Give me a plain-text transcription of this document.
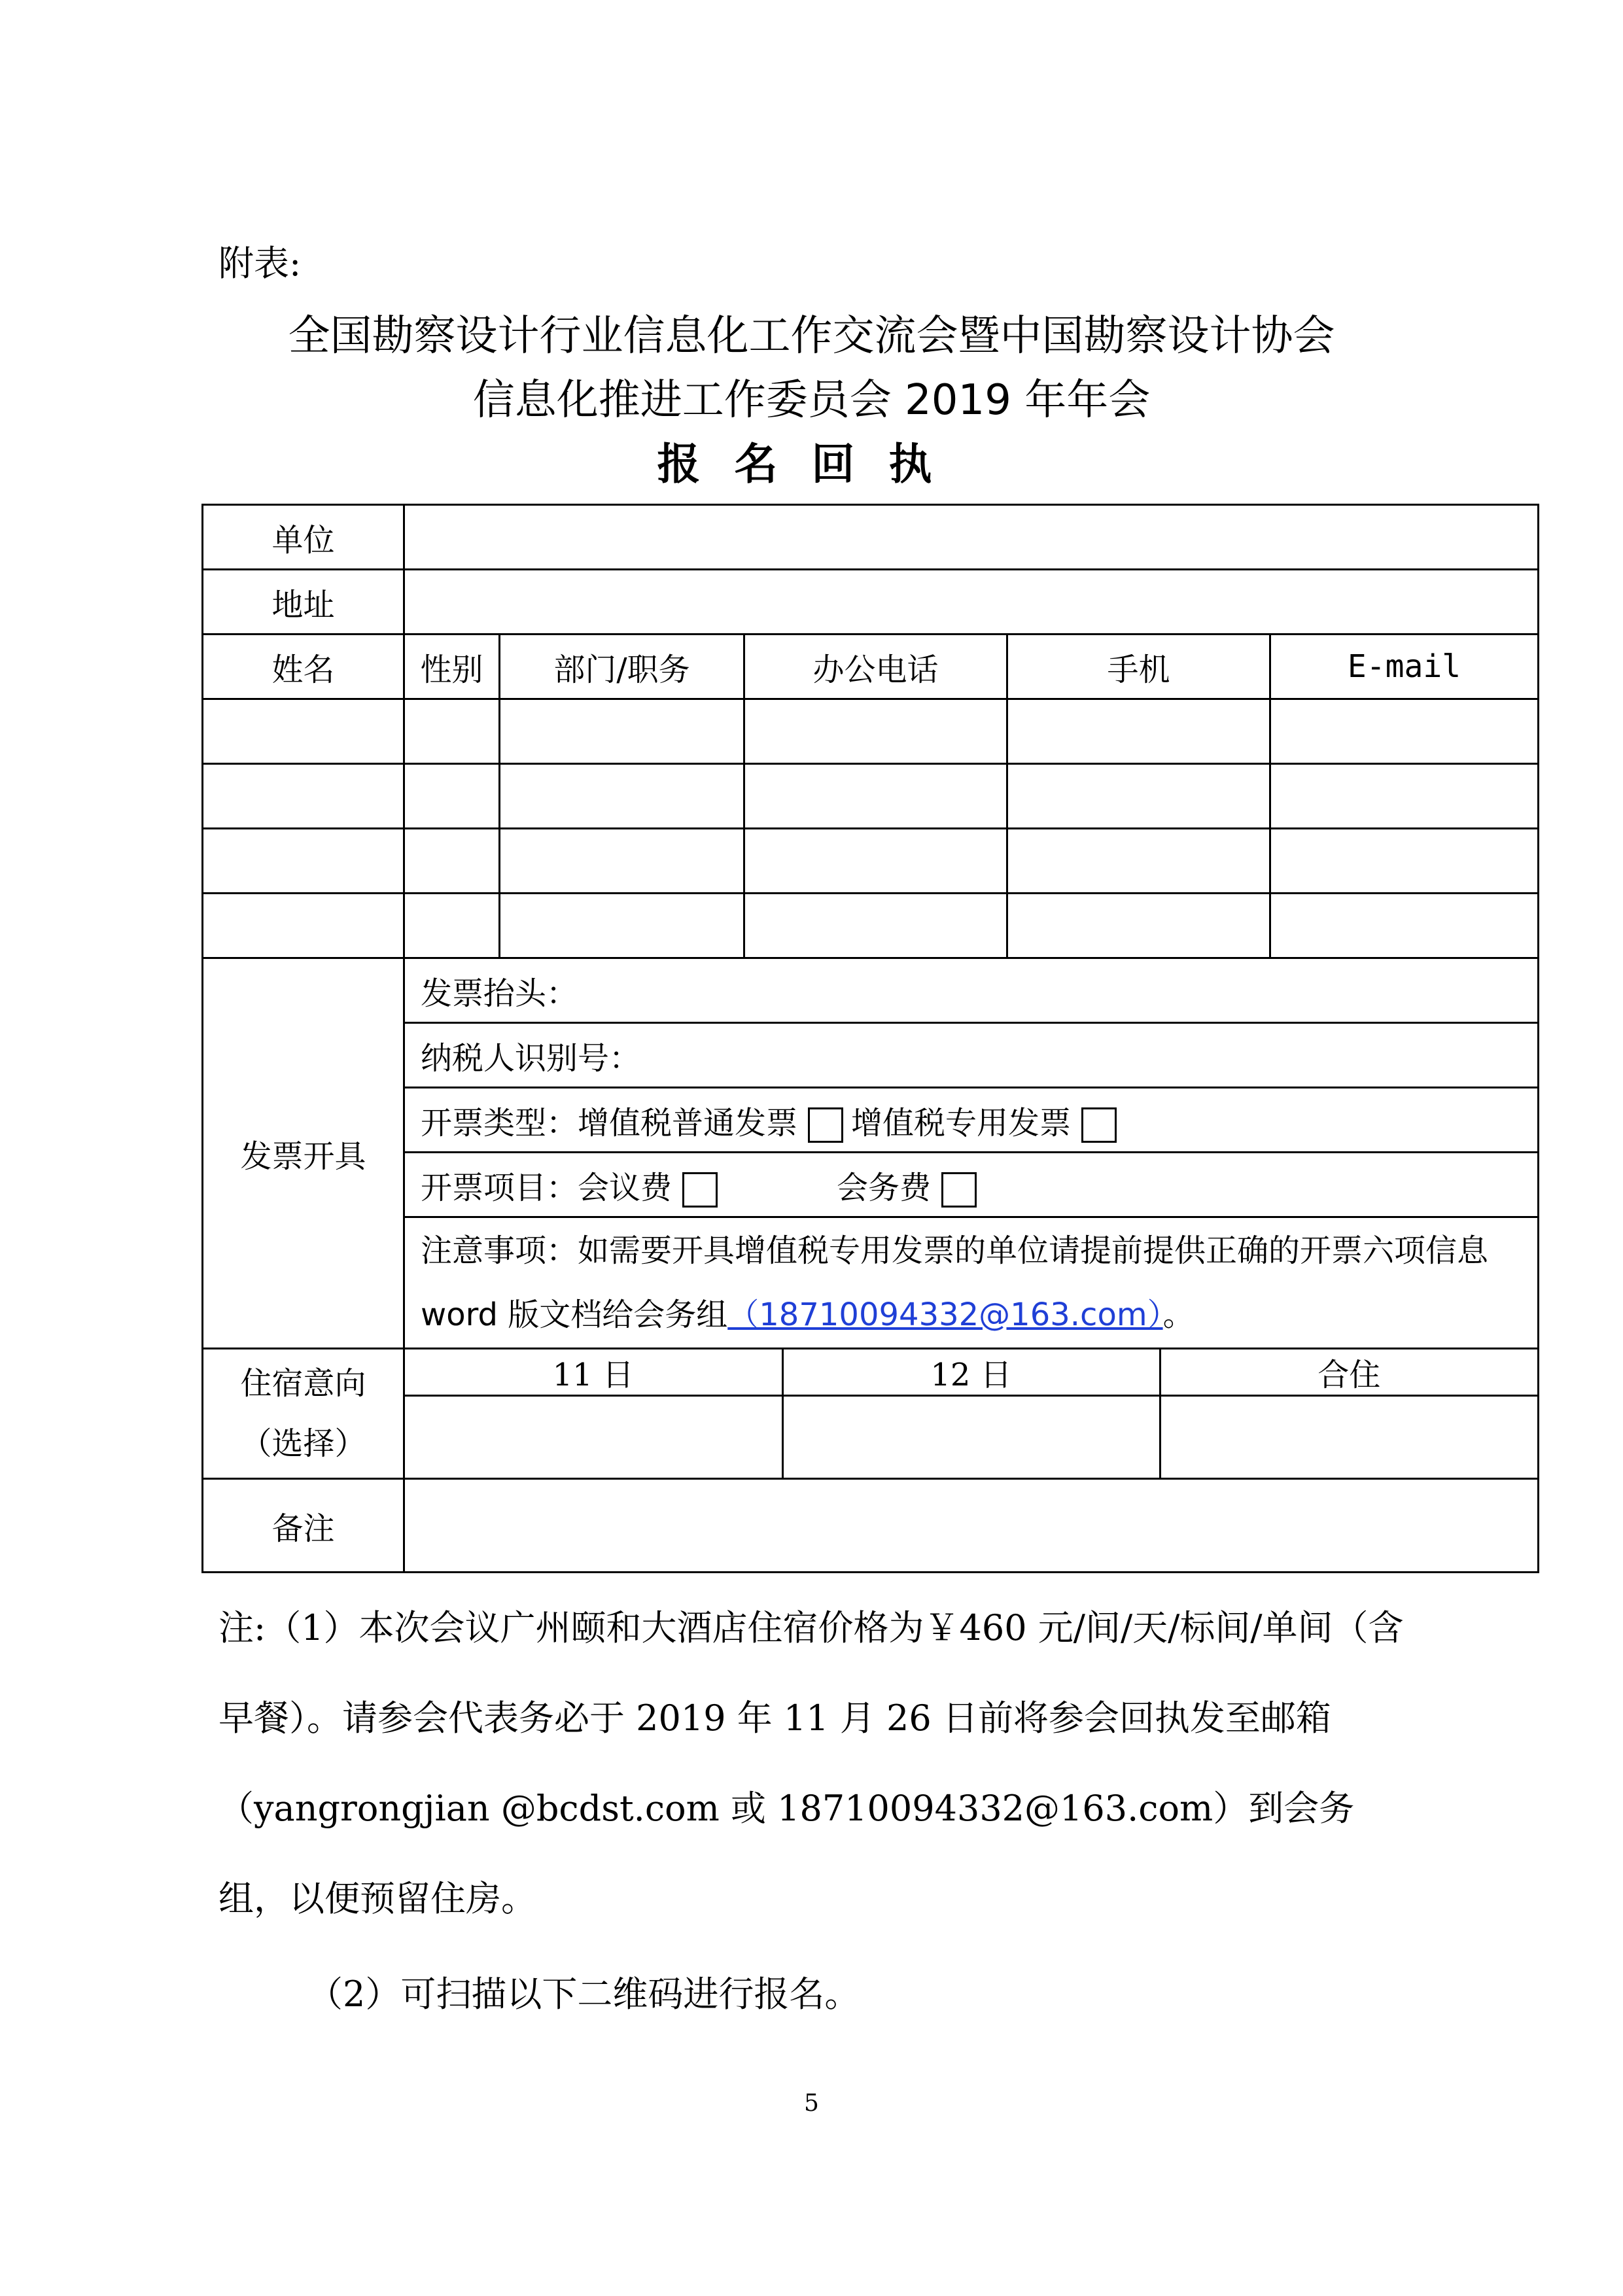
附表:
全国勘察设计行业信息化工作交流会暨中国勘察设计协会
信息化推进工作委员会 2019 年年会
报名回执
单位	
地址	
姓名	性别	部门/职务	办公电话	手机	E-mail

发票开具	发票抬头：
纳税人识别号：
开票类型：增值税普通发票 增值税专用发票
开票项目：会议费	会务费

注意事项：如需要开具增值税专用发票的单位请提前提供正确的开票六项信息
word 版文档给会务组（18710094332@163.com）。

住宿意向
（选择）

11 日	12 日	合住

备注	
注:（1）本次会议广州颐和大酒店住宿价格为￥460 元/间/天/标间/单间（含早餐）。请参会代表务必于 2019 年 11 月 26 日前将参会回执发至邮箱（yangrongjian @bcdst.com 或 18710094332@163.com）到会务组，以便预留住房。
（2）可扫描以下二维码进行报名。
5
